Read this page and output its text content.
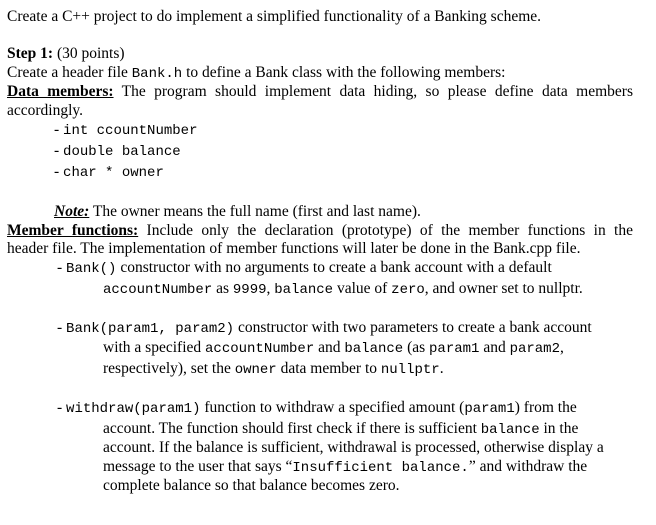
Create a C++ project to do implement a simplified functionality of a Banking scheme.
Step 1: (30 points)
Create a header file Bank.h to define a Bank class with the following members:
Data members: The program should implement data hiding, so please define data members
accordingly.
- int ccountNumber
- double balance
- char * owner
Note: The owner means the full name (first and last name).
Member functions: Include only the declaration (prototype) of the member functions in the
header file. The implementation of member functions will later be done in the Bank.cpp file.
- Bank() constructor with no arguments to create a bank account with a default
accountNumber as 9999, balance value of zero, and owner set to nullptr.
- Bank(param1, param2) constructor with two parameters to create a bank account
with a specified accountNumber and balance (as param1 and param2,
respectively), set the owner data member to nullptr.
- withdraw(param1) function to withdraw a specified amount (param1) from the
account. The function should first check if there is sufficient balance in the
account. If the balance is sufficient, withdrawal is processed, otherwise display a
message to the user that says “Insufficient balance.” and withdraw the
complete balance so that balance becomes zero.
